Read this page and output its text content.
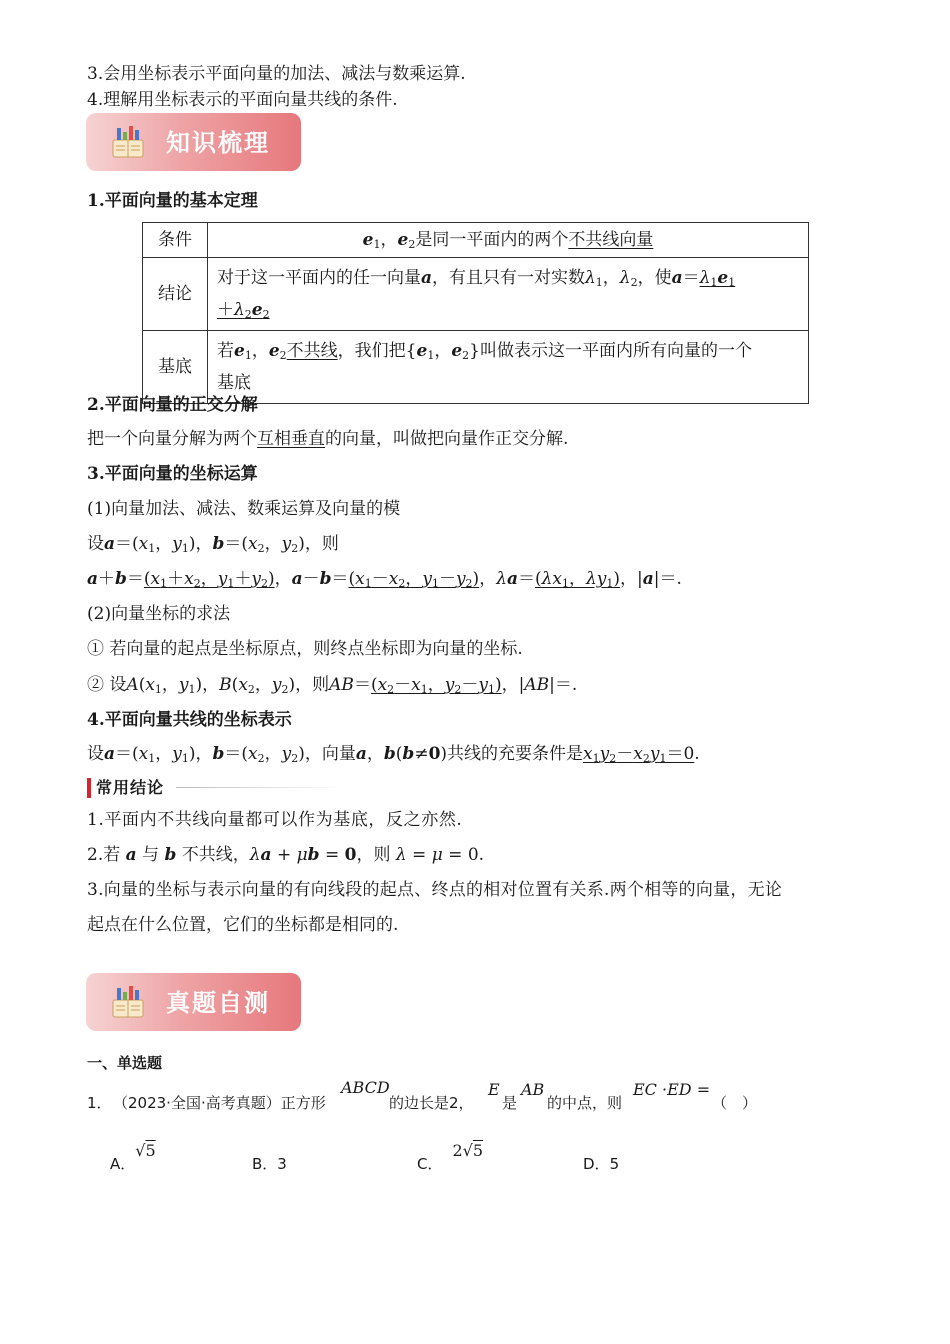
3.会用坐标表示平面向量的加法、减法与数乘运算.
4.理解用坐标表示的平面向量共线的条件.
知识梳理
1.平面向量的基本定理
条件	$e_1$，$e_2$是同一平面内的两个不共线向量
结论	对于这一平面内的任一向量a，有且只有一对实数$\lambda_1$，$\lambda_2$，使$a=\lambda_1e_1$
$+\lambda_2e_2$
基底	若$e_1$，$e_2$不共线，我们把{$e_1$，$e_2$}叫做表示这一平面内所有向量的一个
基底
2.平面向量的正交分解
把一个向量分解为两个互相垂直的向量，叫做把向量作正交分解.
3.平面向量的坐标运算
(1)向量加法、减法、数乘运算及向量的模
设$a=(x_1$，$y_1$)，$b=(x_2$，$y_2$)，则
$a+b=(x_1+x_2$，$y_1+y_2$)，$a-b=(x_1-x_2$，$y_1-y_2$)，$\lambda a=(\lambda x_1$，$\lambda y_1$)，|a|＝.
(2)向量坐标的求法
① 若向量的起点是坐标原点，则终点坐标即为向量的坐标.
② 设$A(x_1$，$y_1$)，$B(x_2$，$y_2$)，则$AB=(x_2-x_1$，$y_2-y_1$)，|AB|＝.
4.平面向量共线的坐标表示
设$a=(x_1$，$y_1$)，$b=(x_2$，$y_2$)，向量a，b(b≠0)共线的充要条件是$x_1y_2-x_2y_1=0$.
常用结论
1.平面内不共线向量都可以作为基底，反之亦然.
2.若 a 与 b 不共线，λa + μb = 0，则 λ = μ = 0.
3.向量的坐标与表示向量的有向线段的起点、终点的相对位置有关系.两个相等的向量，无论
起点在什么位置，它们的坐标都是相同的.
真题自测
一、单选题
1． （2023·全国·高考真题）正方形
ABCD
的边长是2，
E
是
AB
的中点，则
EC ·ED =
（　）
A．√5
B．3	C．2√5
D．5
